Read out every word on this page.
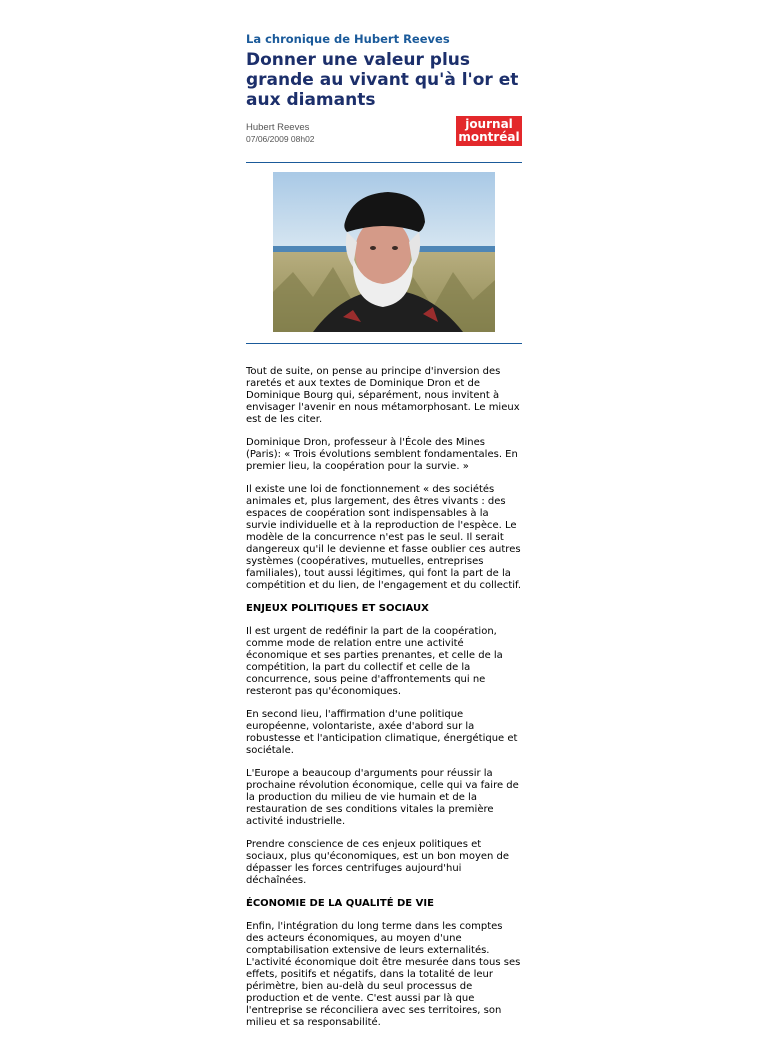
La chronique de Hubert Reeves
Donner une valeur plus grande au vivant qu'à l'or et aux diamants
Hubert Reeves
07/06/2009 08h02
journal
montréal

Tout de suite, on pense au principe d'inversion des raretés et aux textes de Dominique Dron et de Dominique Bourg qui, séparément, nous invitent à envisager l'avenir en nous métamorphosant. Le mieux est de les citer.

Dominique Dron, professeur à l'École des Mines (Paris): « Trois évolutions semblent fondamentales. En premier lieu, la coopération pour la survie. »

Il existe une loi de fonctionnement « des sociétés animales et, plus largement, des êtres vivants : des espaces de coopération sont indispensables à la survie individuelle et à la reproduction de l'espèce. Le modèle de la concurrence n'est pas le seul. Il serait dangereux qu'il le devienne et fasse oublier ces autres systèmes (coopératives, mutuelles, entreprises familiales), tout aussi légitimes, qui font la part de la compétition et du lien, de l'engagement et du collectif.

ENJEUX POLITIQUES ET SOCIAUX

Il est urgent de redéfinir la part de la coopération, comme mode de relation entre une activité économique et ses parties prenantes, et celle de la compétition, la part du collectif et celle de la concurrence, sous peine d'affrontements qui ne resteront pas qu'économiques.

En second lieu, l'affirmation d'une politique européenne, volontariste, axée d'abord sur la robustesse et l'anticipation climatique, énergétique et sociétale.

L'Europe a beaucoup d'arguments pour réussir la prochaine révolution économique, celle qui va faire de la production du milieu de vie humain et de la restauration de ses conditions vitales la première activité industrielle.

Prendre conscience de ces enjeux politiques et sociaux, plus qu'économiques, est un bon moyen de dépasser les forces centrifuges aujourd'hui déchaînées.

ÉCONOMIE DE LA QUALITÉ DE VIE

Enfin, l'intégration du long terme dans les comptes des acteurs économiques, au moyen d'une comptabilisation extensive de leurs externalités. L'activité économique doit être mesurée dans tous ses effets, positifs et négatifs, dans la totalité de leur périmètre, bien au-delà du seul processus de production et de vente. C'est aussi par là que l'entreprise se réconciliera avec ses territoires, son milieu et sa responsabilité.
